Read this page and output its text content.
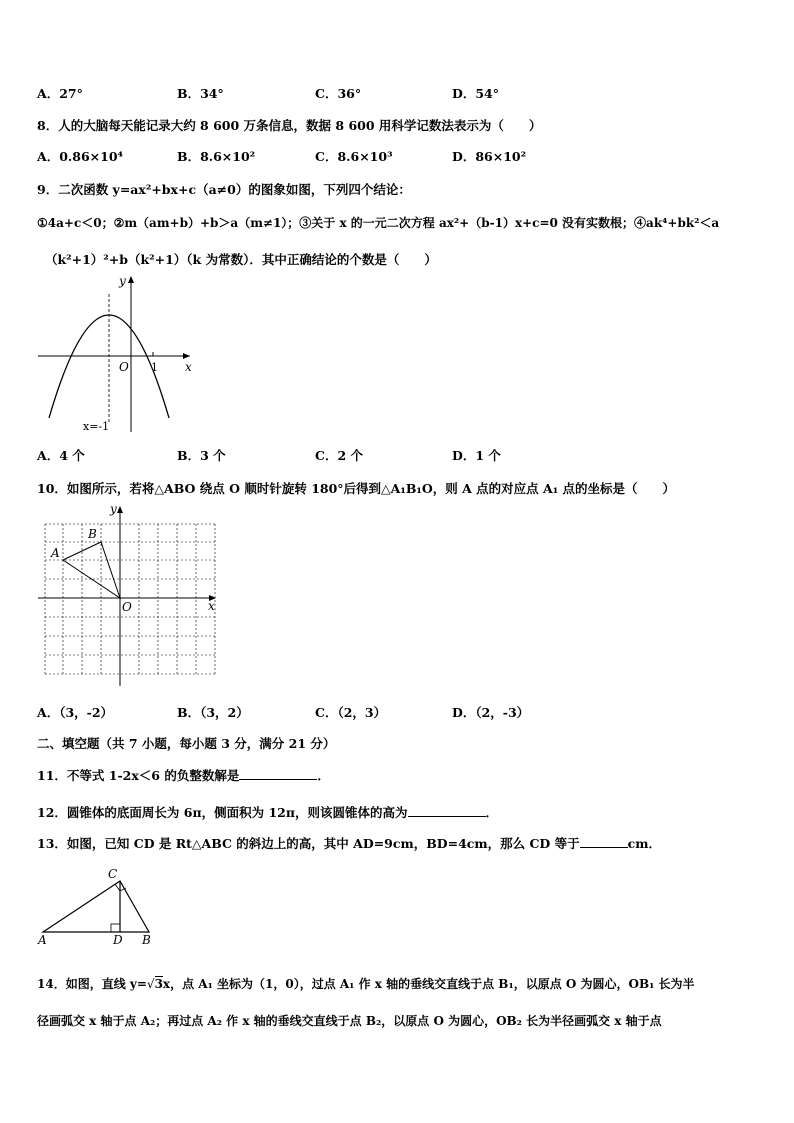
A．27°	B．34°	C．36°	D．54°
8．人的大脑每天能记录大约 8 600 万条信息，数据 8 600 用科学记数法表示为（　　）
A．0.86×10⁴	B．8.6×10²	C．8.6×10³	D．86×10²
9．二次函数 y=ax²+bx+c（a≠0）的图象如图，下列四个结论：
①4a+c＜0；②m（am+b）+b＞a（m≠1）；③关于 x 的一元二次方程 ax²+（b-1）x+c=0 没有实数根；④ak⁴+bk²＜a
（k²+1）²+b（k²+1）（k 为常数）．其中正确结论的个数是（　　）
y
x
O 1
x=-1
A．4 个	B．3 个	C．2 个	D．1 个
10．如图所示，若将△ABO 绕点 O 顺时针旋转 180°后得到△A₁B₁O，则 A 点的对应点 A₁ 点的坐标是（　　）
A
B
O	x
y
A．（3，-2）	B．（3，2）	C．（2，3）	D．（2，-3）
二、填空题（共 7 小题，每小题 3 分，满分 21 分）
11．不等式 1-2x＜6 的负整数解是	．
12．圆锥体的底面周长为 6π，侧面积为 12π，则该圆锥体的高为	．
13．如图，已知 CD 是 Rt△ABC 的斜边上的高，其中 AD=9cm，BD=4cm，那么 CD 等于	cm．
C
A	D B
14．如图，直线 y=√3x，点 A₁ 坐标为（1，0），过点 A₁ 作 x 轴的垂线交直线于点 B₁，以原点 O 为圆心，OB₁ 长为半
径画弧交 x 轴于点 A₂；再过点 A₂ 作 x 轴的垂线交直线于点 B₂，以原点 O 为圆心，OB₂ 长为半径画弧交 x 轴于点
